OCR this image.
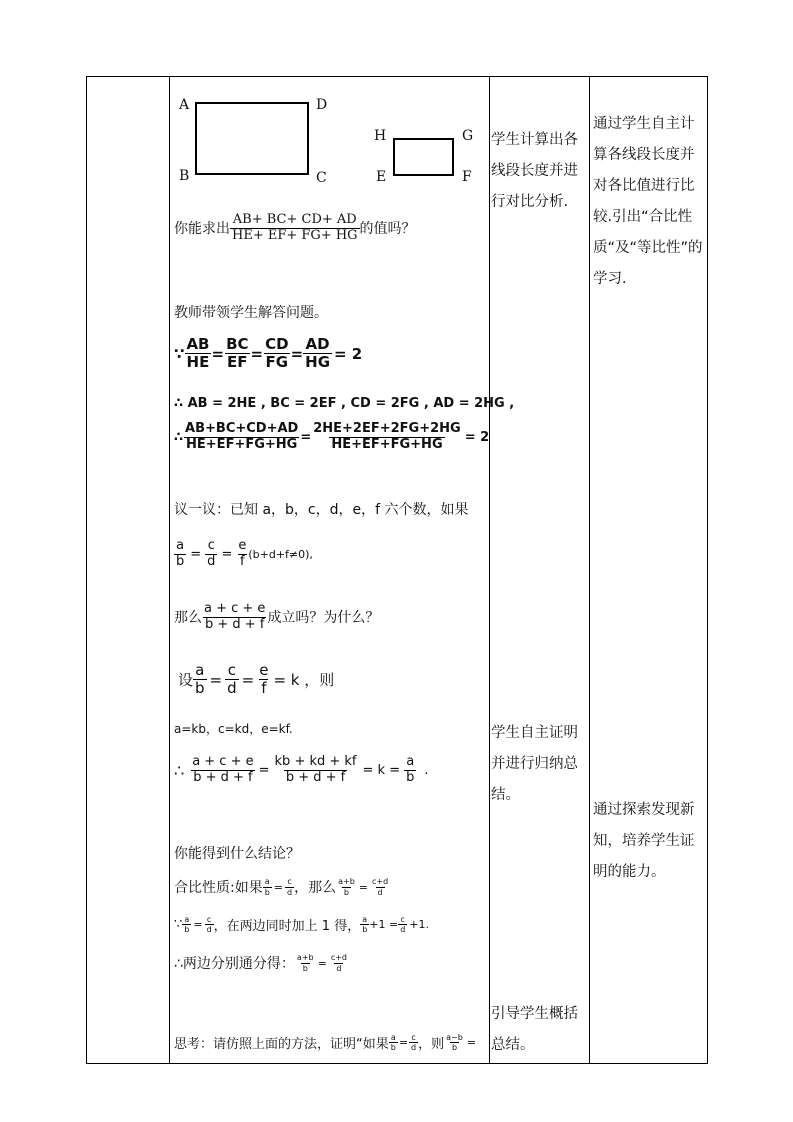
A	D
B	C
H	G
E	F
你能求出 $\frac{AB+ BC+ CD+ AD}{HE+ EF+ FG+ HG}$ 的值吗？
教师带领学生解答问题。
∵ $\frac{AB}{HE} = \frac{BC}{EF} = \frac{CD}{FG} = \frac{AD}{HG} = 2$
∴ AB = 2HE , BC = 2EF , CD = 2FG , AD = 2HG ,
∴ $\frac{AB+BC+CD+AD}{HE+EF+FG+HG} = \frac{2HE+2EF+2FG+2HG}{HE+EF+FG+HG} = 2$
议一议：已知 a，b，c，d，e，f 六个数，如果
$\frac{a}{b} = \frac{c}{d} = \frac{e}{f} (b+d+f\ne 0)$,
那么 $\frac{a + c + e}{b + d + f}$ 成立吗？为什么？
设 $\frac{a}{b} = \frac{c}{d} = \frac{e}{f} = k$ ，则
a=kb，c=kd，e=kf.
∴ $\frac{a + c + e}{b + d + f} = \frac{kb + kd + kf}{b + d + f} = k = \frac{a}{b}$ .
你能得到什么结论？
合比性质:如果 $\frac{a}{b} = \frac{c}{d}$ ，那么 $\frac{a+b}{b} = \frac{c+d}{d}$
∵ $\frac{a}{b} = \frac{c}{d}$ ，在两边同时加上 1 得， $\frac{a}{b} +1 = \frac{c}{d} +1$.
∴两边分别通分得： $\frac{a+b}{b} = \frac{c+d}{d}$
思考：请仿照上面的方法，证明“如果 $\frac{a}{b} = \frac{c}{d}$ ，则 $\frac{a-b}{b}$ =
学生计算出各线段长度并进行对比分析.
学生自主证明并进行归纳总结。
引导学生概括总结。
通过学生自主计算各线段长度并对各比值进行比较.引出“合比性质“及“等比性”的学习.
通过探索发现新知，培养学生证明的能力。
